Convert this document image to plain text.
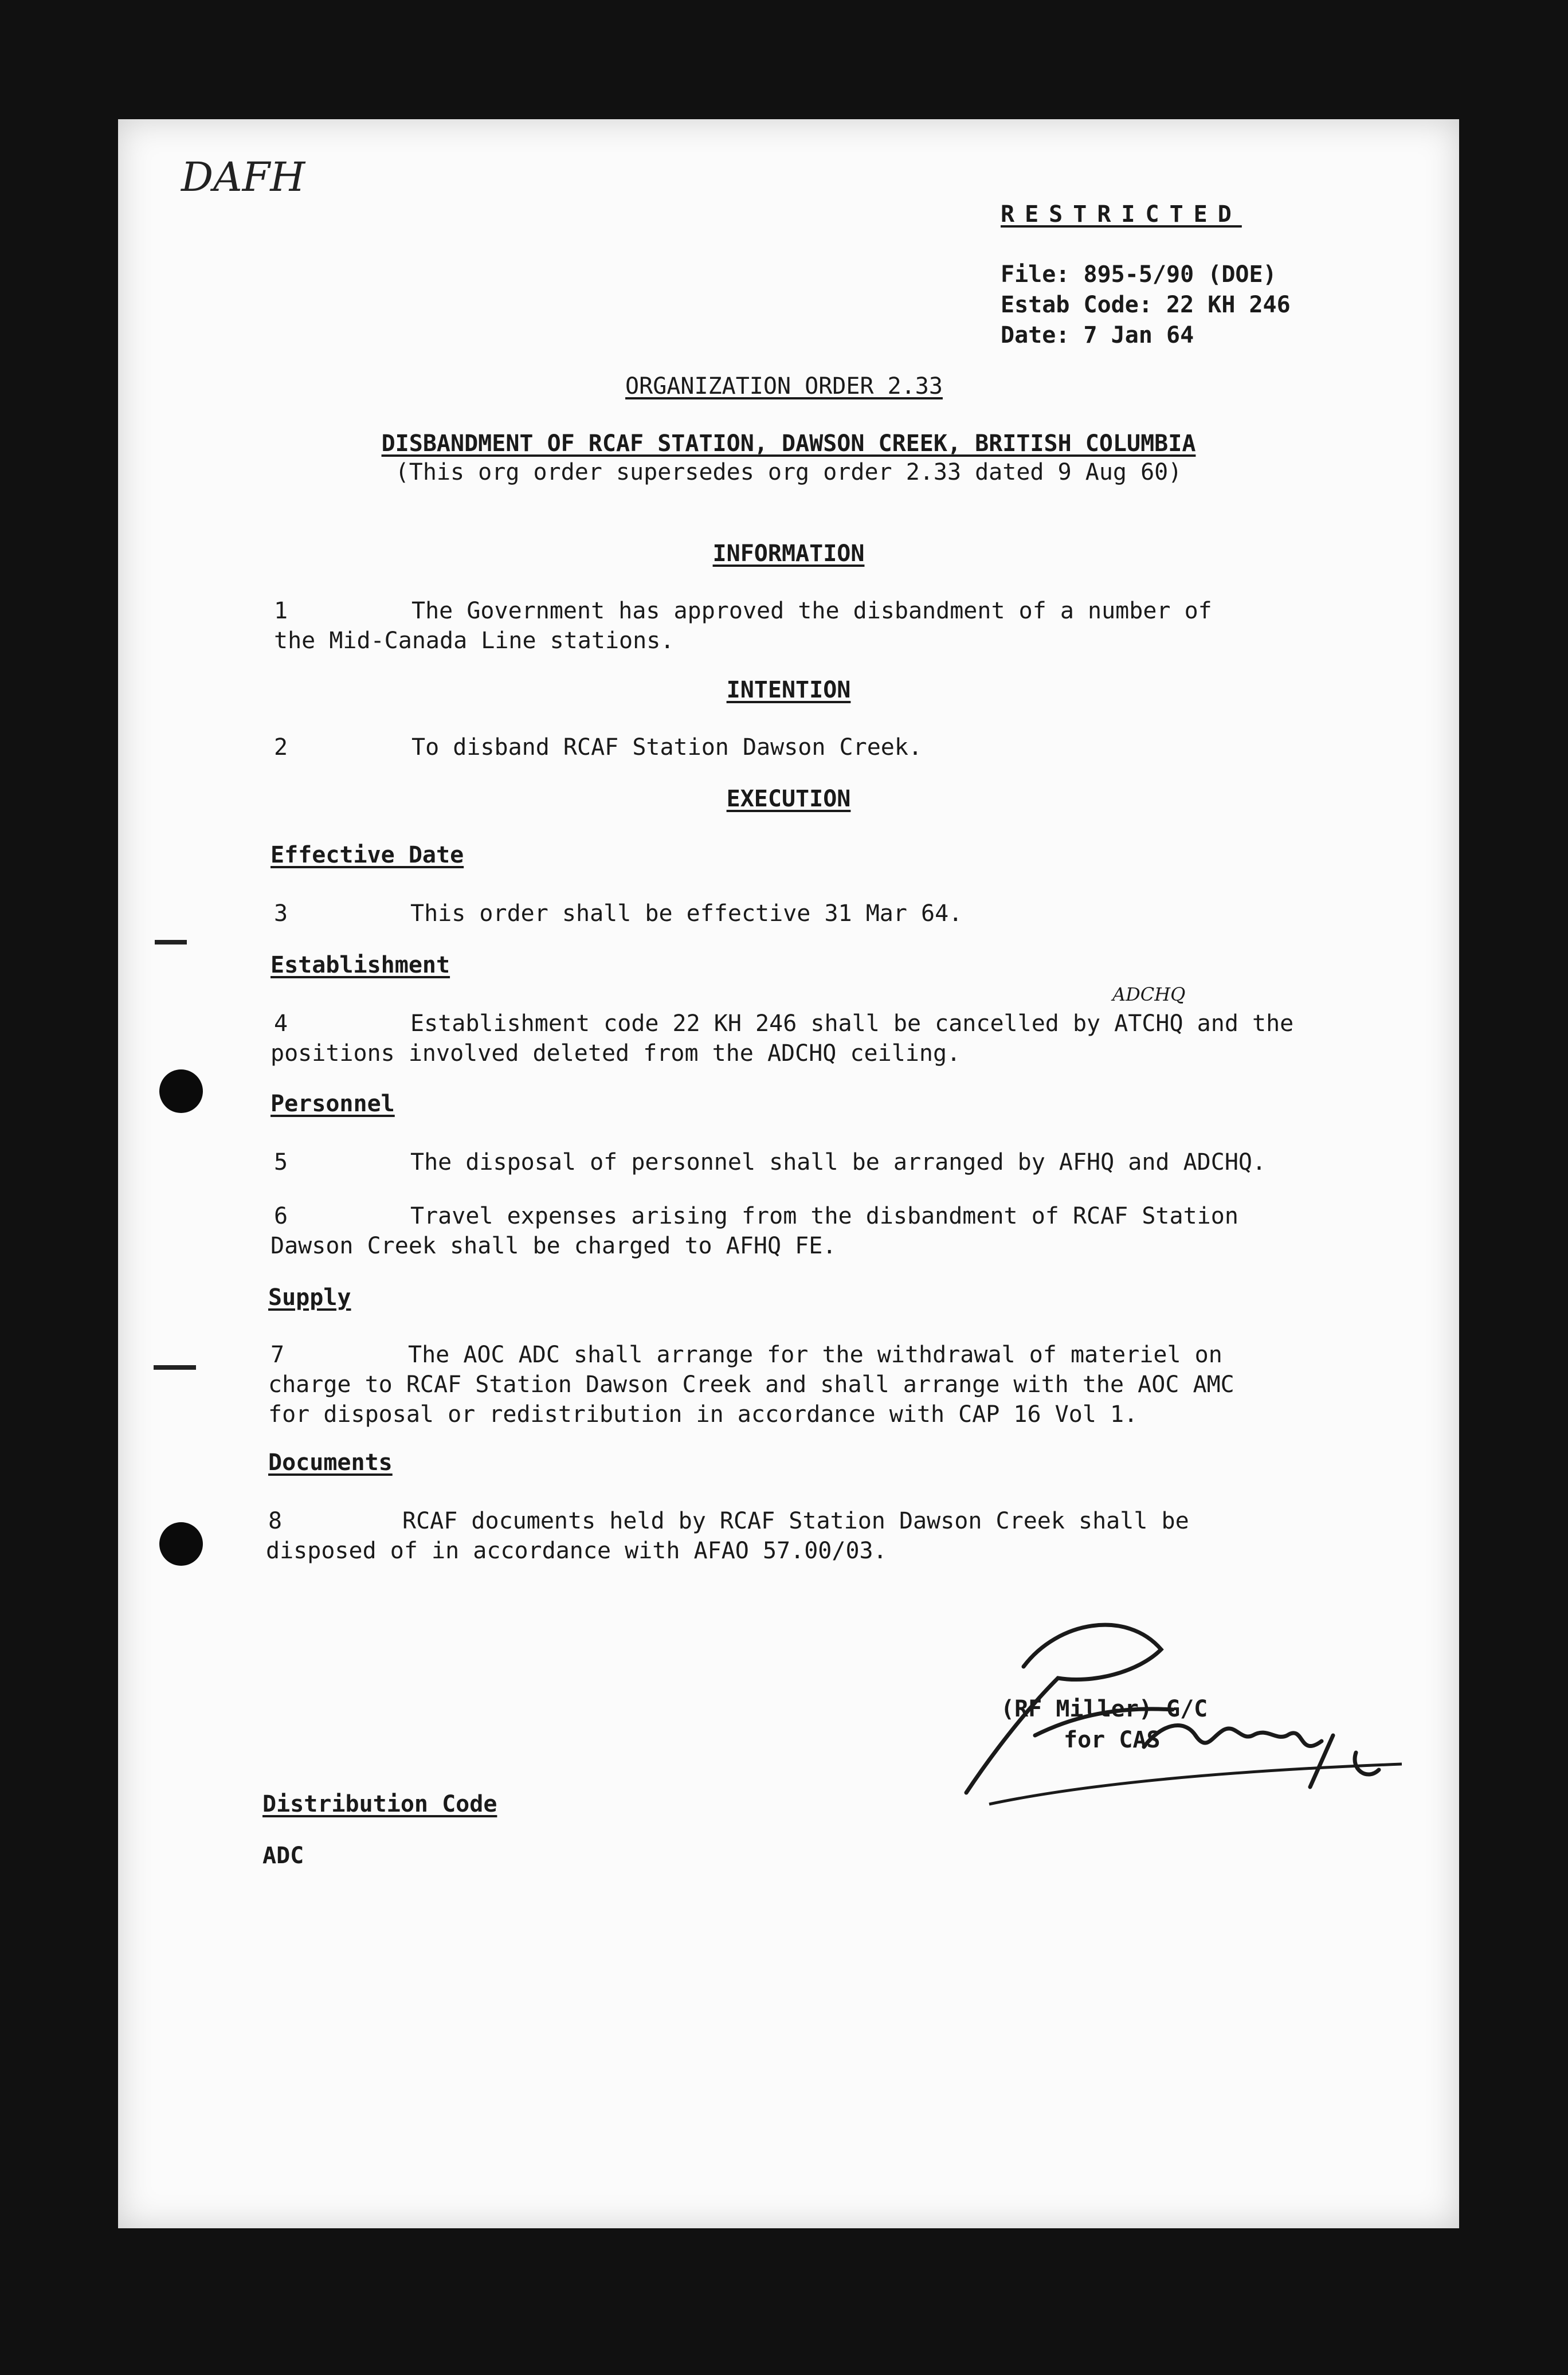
DAFH
RESTRICTED
File: 895-5/90 (DOE)
Estab Code: 22 KH 246
Date: 7 Jan 64
ORGANIZATION ORDER 2.33
DISBANDMENT OF RCAF STATION, DAWSON CREEK, BRITISH COLUMBIA
(This org order supersedes org order 2.33 dated 9 Aug 60)
INFORMATION
1	The Government has approved the disbandment of a number of
the Mid-Canada Line stations.
INTENTION
2	To disband RCAF Station Dawson Creek.
EXECUTION
Effective Date
3	This order shall be effective 31 Mar 64.
Establishment
ADCHQ
4	Establishment code 22 KH 246 shall be cancelled by ATCHQ and the
positions involved deleted from the ADCHQ ceiling.
Personnel
5	The disposal of personnel shall be arranged by AFHQ and ADCHQ.
6	Travel expenses arising from the disbandment of RCAF Station
Dawson Creek shall be charged to AFHQ FE.
Supply
7	The AOC ADC shall arrange for the withdrawal of materiel on
charge to RCAF Station Dawson Creek and shall arrange with the AOC AMC
for disposal or redistribution in accordance with CAP 16 Vol 1.
Documents
8	RCAF documents held by RCAF Station Dawson Creek shall be
disposed of in accordance with AFAO 57.00/03.
(RF Miller) G/C
for CAS
Distribution Code
ADC
